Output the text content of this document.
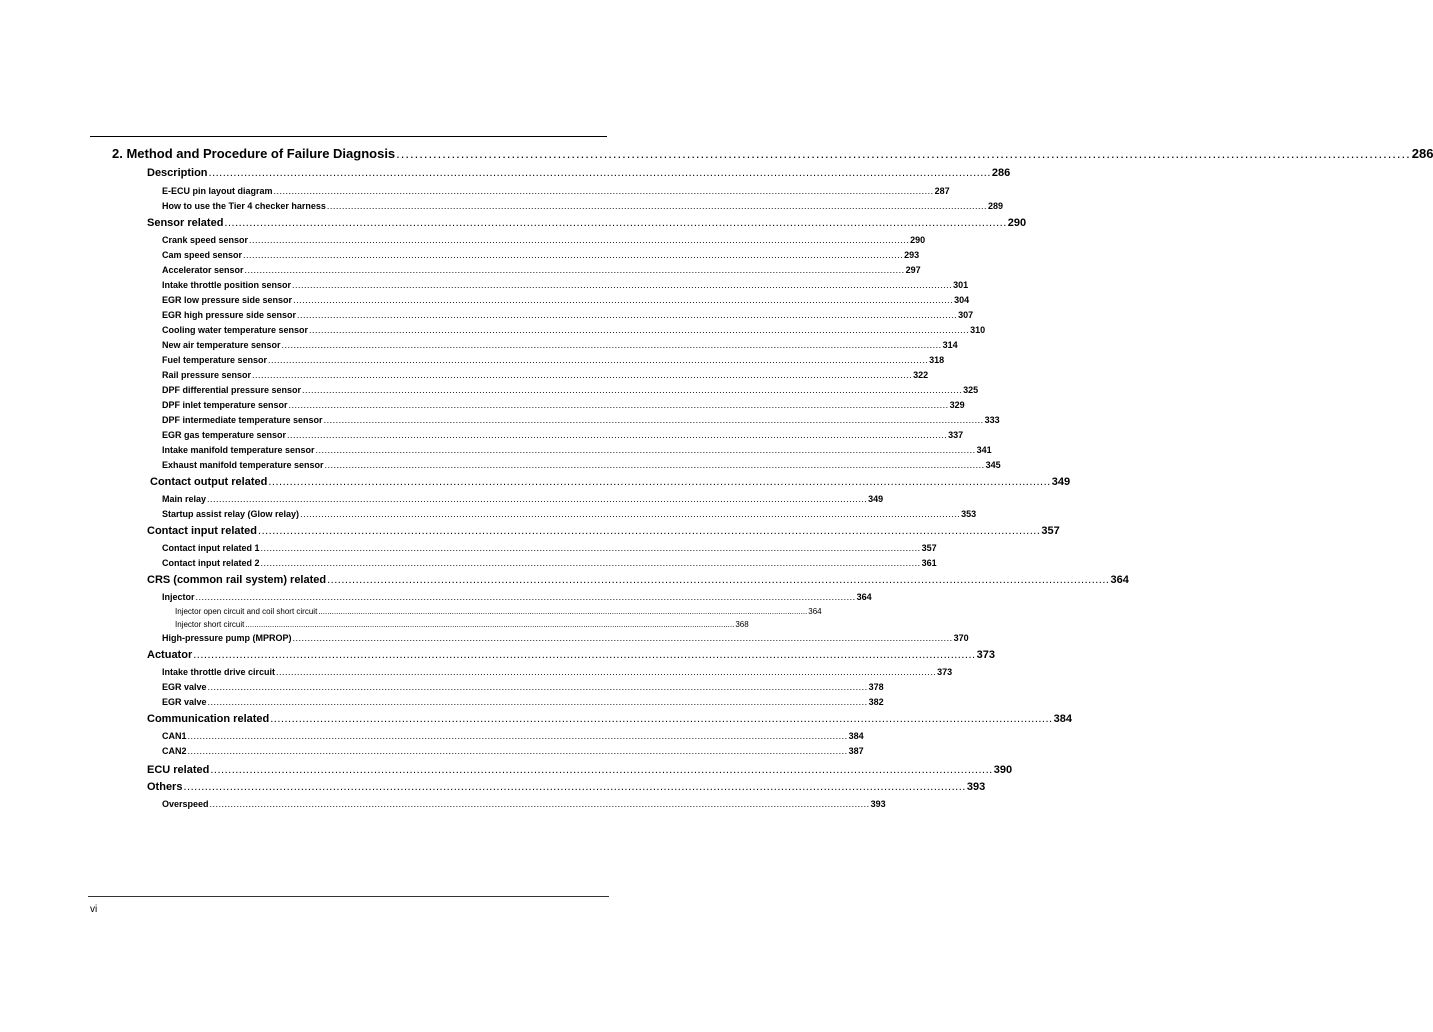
2. Method and Procedure of Failure Diagnosis ............................................................................................................................................................................................................................ 286
Description ............................................................................................................................................................................................................................ 286
E-ECU pin layout diagram ............................................................................................................................................................................................................................ 287
How to use the Tier 4 checker harness ............................................................................................................................................................................................................................ 289
Sensor related ............................................................................................................................................................................................................................ 290
Crank speed sensor ............................................................................................................................................................................................................................ 290
Cam speed sensor ............................................................................................................................................................................................................................ 293
Accelerator sensor ............................................................................................................................................................................................................................ 297
Intake throttle position sensor ............................................................................................................................................................................................................................ 301
EGR low pressure side sensor ............................................................................................................................................................................................................................ 304
EGR high pressure side sensor ............................................................................................................................................................................................................................ 307
Cooling water temperature sensor ............................................................................................................................................................................................................................ 310
New air temperature sensor ............................................................................................................................................................................................................................ 314
Fuel temperature sensor ............................................................................................................................................................................................................................ 318
Rail pressure sensor ............................................................................................................................................................................................................................ 322
DPF differential pressure sensor ............................................................................................................................................................................................................................ 325
DPF inlet temperature sensor ............................................................................................................................................................................................................................ 329
DPF intermediate temperature sensor ............................................................................................................................................................................................................................ 333
EGR gas temperature sensor ............................................................................................................................................................................................................................ 337
Intake manifold temperature sensor ............................................................................................................................................................................................................................ 341
Exhaust manifold temperature sensor ............................................................................................................................................................................................................................ 345
Contact output related ............................................................................................................................................................................................................................ 349
Main relay ............................................................................................................................................................................................................................ 349
Startup assist relay (Glow relay) ............................................................................................................................................................................................................................ 353
Contact input related ............................................................................................................................................................................................................................ 357
Contact input related 1 ............................................................................................................................................................................................................................ 357
Contact input related 2 ............................................................................................................................................................................................................................ 361
CRS (common rail system) related ............................................................................................................................................................................................................................ 364
Injector ............................................................................................................................................................................................................................ 364
Injector open circuit and coil short circuit ............................................................................................................................................................................................................................ 364
Injector short circuit ............................................................................................................................................................................................................................ 368
High-pressure pump (MPROP) ............................................................................................................................................................................................................................ 370
Actuator ............................................................................................................................................................................................................................ 373
Intake throttle drive circuit ............................................................................................................................................................................................................................ 373
EGR valve ............................................................................................................................................................................................................................ 378
EGR valve ............................................................................................................................................................................................................................ 382
Communication related ............................................................................................................................................................................................................................ 384
CAN1 ............................................................................................................................................................................................................................ 384
CAN2 ............................................................................................................................................................................................................................ 387
ECU related ............................................................................................................................................................................................................................ 390
Others ............................................................................................................................................................................................................................ 393
Overspeed ............................................................................................................................................................................................................................ 393
vi
